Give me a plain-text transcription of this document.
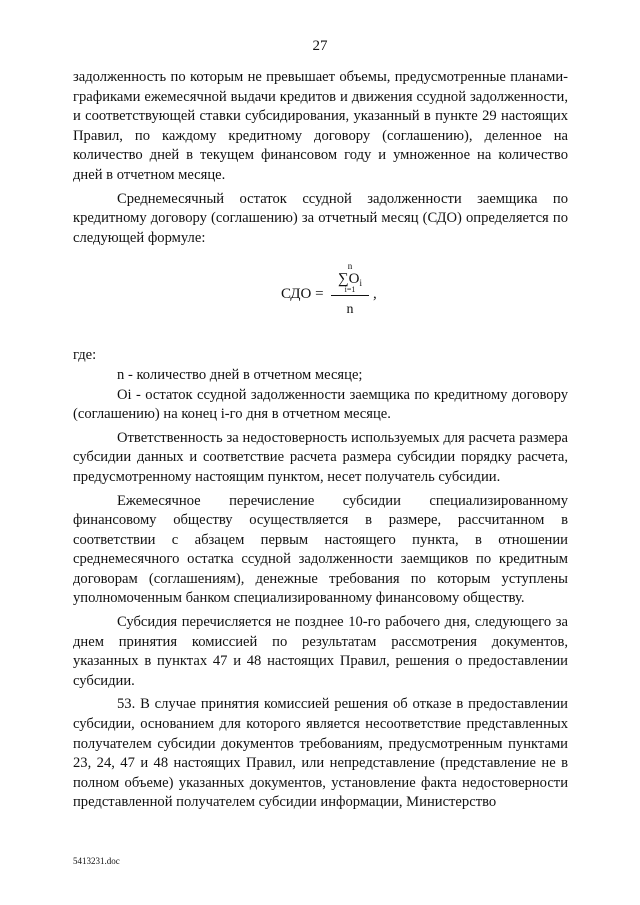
27

задолженность по которым не превышает объемы, предусмотренные планами-графиками ежемесячной выдачи кредитов и движения ссудной задолженности, и соответствующей ставки субсидирования, указанный в пункте 29 настоящих Правил, по каждому кредитному договору (соглашению), деленное на количество дней в текущем финансовом году и умноженное на количество дней в отчетном месяце.

Среднемесячный остаток ссудной задолженности заемщика по кредитному договору (соглашению) за отчетный месяц (СДО) определяется по следующей формуле:

СДО =
n
$\sum O_i$
i=1
n
,

где:

n - количество дней в отчетном месяце;

Oi - остаток ссудной задолженности заемщика по кредитному договору (соглашению) на конец i-го дня в отчетном месяце.

Ответственность за недостоверность используемых для расчета размера субсидии данных и соответствие расчета размера субсидии порядку расчета, предусмотренному настоящим пунктом, несет получатель субсидии.

Ежемесячное перечисление субсидии специализированному финансовому обществу осуществляется в размере, рассчитанном в соответствии с абзацем первым настоящего пункта, в отношении среднемесячного остатка ссудной задолженности заемщиков по кредитным договорам (соглашениям), денежные требования по которым уступлены уполномоченным банком специализированному финансовому обществу.

Субсидия перечисляется не позднее 10-го рабочего дня, следующего за днем принятия комиссией по результатам рассмотрения документов, указанных в пунктах 47 и 48 настоящих Правил, решения о предоставлении субсидии.

53. В случае принятия комиссией решения об отказе в предоставлении субсидии, основанием для которого является несоответствие представленных получателем субсидии документов требованиям, предусмотренным пунктами 23, 24, 47 и 48 настоящих Правил, или непредставление (представление не в полном объеме) указанных документов, установление факта недостоверности представленной получателем субсидии информации, Министерство

5413231.doc
